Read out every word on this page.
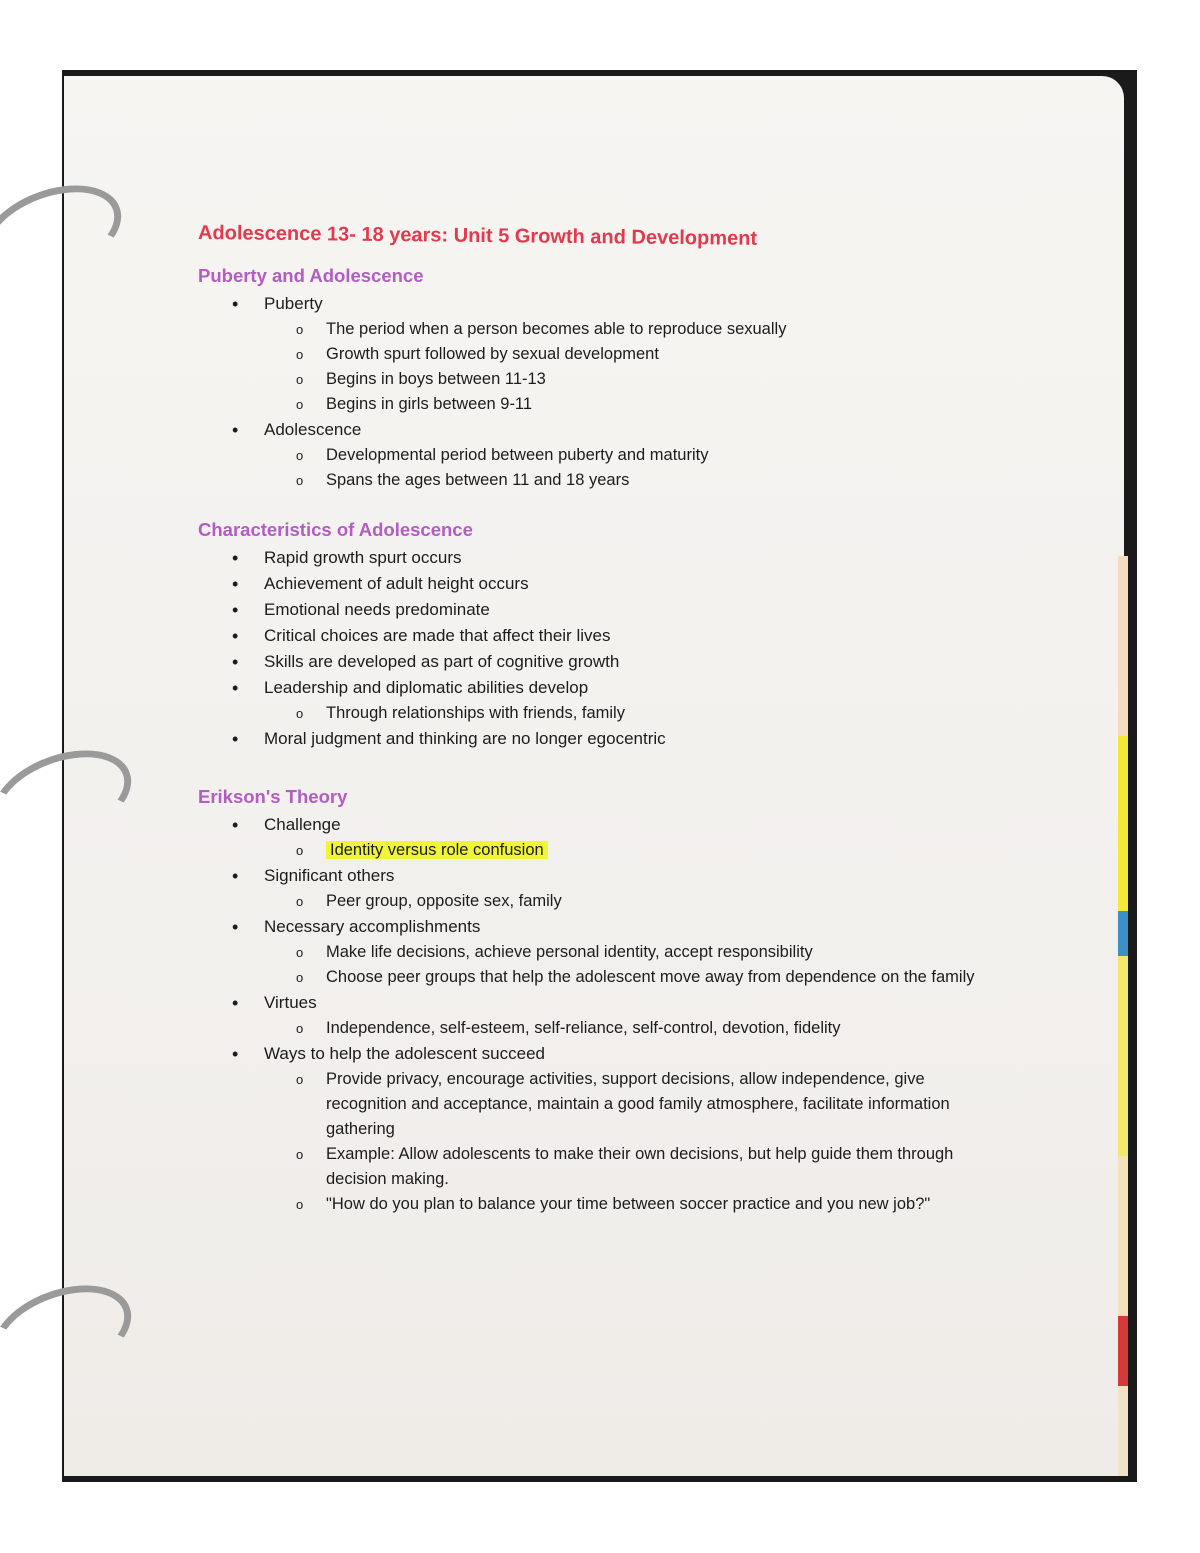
Adolescence 13- 18 years: Unit 5 Growth and Development
Puberty and Adolescence
• Puberty
o The period when a person becomes able to reproduce sexually
o Growth spurt followed by sexual development
o Begins in boys between 11-13
o Begins in girls between 9-11
• Adolescence
o Developmental period between puberty and maturity
o Spans the ages between 11 and 18 years
Characteristics of Adolescence
• Rapid growth spurt occurs
• Achievement of adult height occurs
• Emotional needs predominate
• Critical choices are made that affect their lives
• Skills are developed as part of cognitive growth
• Leadership and diplomatic abilities develop
o Through relationships with friends, family
• Moral judgment and thinking are no longer egocentric
Erikson's Theory
• Challenge
o Identity versus role confusion
• Significant others
o Peer group, opposite sex, family
• Necessary accomplishments
o Make life decisions, achieve personal identity, accept responsibility
o Choose peer groups that help the adolescent move away from dependence on the family
• Virtues
o Independence, self-esteem, self-reliance, self-control, devotion, fidelity
• Ways to help the adolescent succeed
o Provide privacy, encourage activities, support decisions, allow independence, give recognition and acceptance, maintain a good family atmosphere, facilitate information gathering
o Example: Allow adolescents to make their own decisions, but help guide them through decision making.
o "How do you plan to balance your time between soccer practice and you new job?"
